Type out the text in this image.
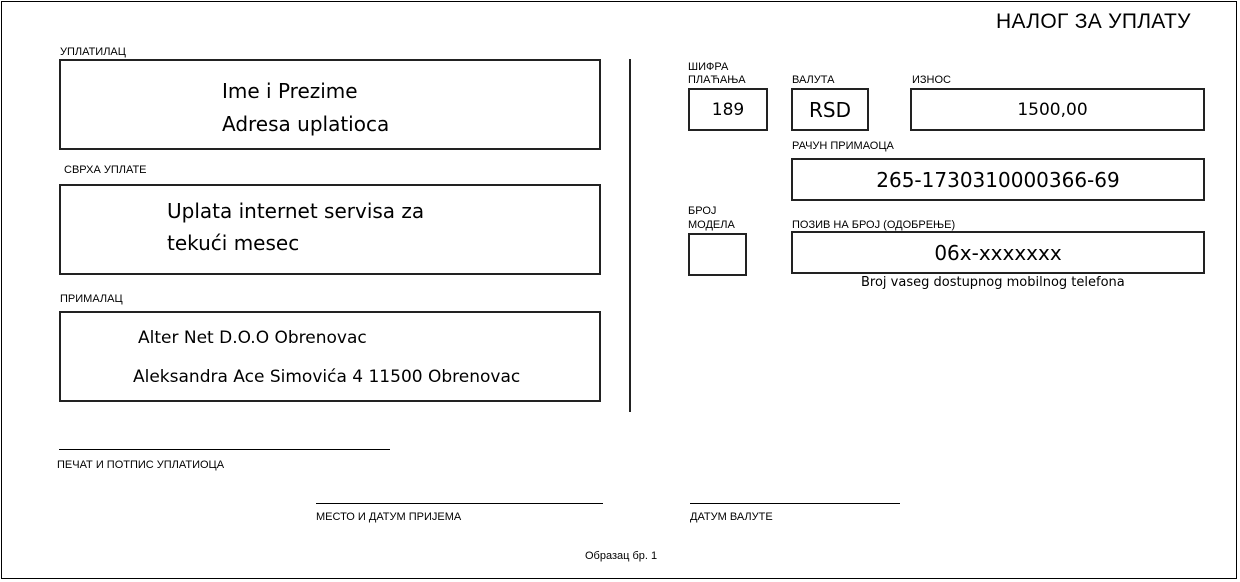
НАЛОГ ЗА УПЛАТУ
УПЛАТИЛАЦ
Ime i Prezime
Adresa uplatioca
СВРХА УПЛАТЕ
Uplata internet servisa za
tekući mesec
ПРИМАЛАЦ
Alter Net D.O.O Obrenovac
Aleksandra Ace Simovića 4 11500 Obrenovac
ШИФРА
ПЛАЋАЊА
189
ВАЛУТА
RSD
ИЗНОС
1500,00
РАЧУН ПРИМАОЦА
265-1730310000366-69
БРОЈ
МОДЕЛА	ПОЗИВ НА БРОЈ (ОДОБРЕЊЕ)
06x-xxxxxxx
Broj vaseg dostupnog mobilnog telefona
ПЕЧАТ И ПОТПИС УПЛАТИОЦА
МЕСТО И ДАТУМ ПРИЈЕМА	ДАТУМ ВАЛУТЕ
Образац бр. 1
